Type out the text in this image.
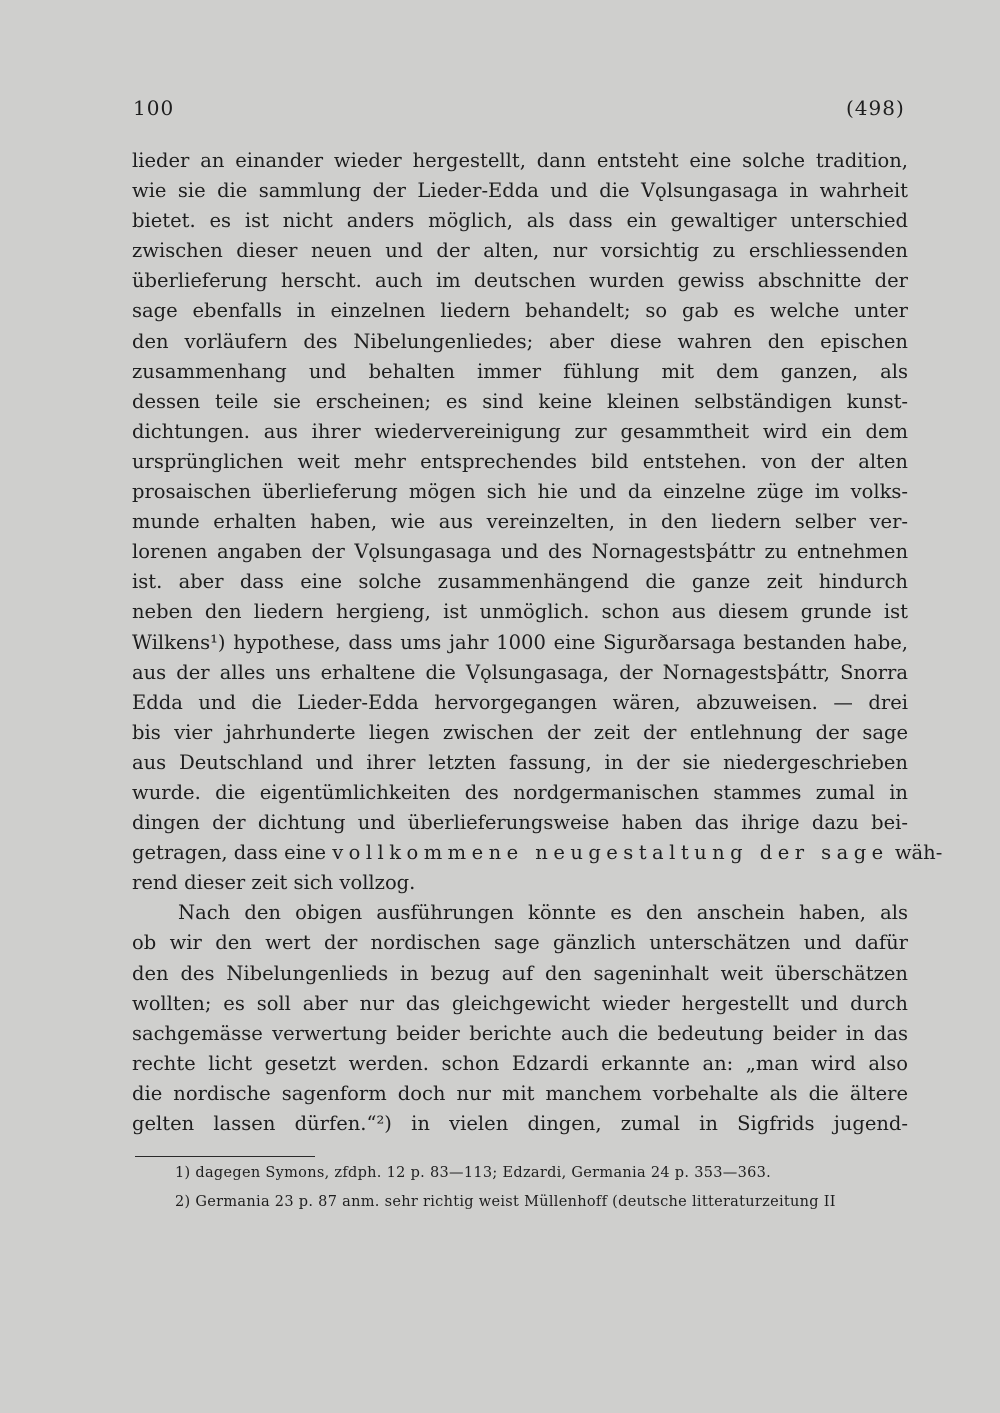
100	(498)
lieder an einander wieder hergestellt, dann entsteht eine solche tradition,
wie sie die sammlung der Lieder-Edda und die Vǫlsungasaga in wahrheit
bietet. es ist nicht anders möglich, als dass ein gewaltiger unterschied
zwischen dieser neuen und der alten, nur vorsichtig zu erschliessenden
überlieferung herscht. auch im deutschen wurden gewiss abschnitte der
sage ebenfalls in einzelnen liedern behandelt; so gab es welche unter
den vorläufern des Nibelungenliedes; aber diese wahren den epischen
zusammenhang und behalten immer fühlung mit dem ganzen, als
dessen teile sie erscheinen; es sind keine kleinen selbständigen kunst-
dichtungen. aus ihrer wiedervereinigung zur gesammtheit wird ein dem
ursprünglichen weit mehr entsprechendes bild entstehen. von der alten
prosaischen überlieferung mögen sich hie und da einzelne züge im volks-
munde erhalten haben, wie aus vereinzelten, in den liedern selber ver-
lorenen angaben der Vǫlsungasaga und des Nornagestsþáttr zu entnehmen
ist. aber dass eine solche zusammenhängend die ganze zeit hindurch
neben den liedern hergieng, ist unmöglich. schon aus diesem grunde ist
Wilkens¹) hypothese, dass ums jahr 1000 eine Sigurðarsaga bestanden habe,
aus der alles uns erhaltene die Vǫlsungasaga, der Nornagestsþáttr, Snorra
Edda und die Lieder-Edda hervorgegangen wären, abzuweisen. — drei
bis vier jahrhunderte liegen zwischen der zeit der entlehnung der sage
aus Deutschland und ihrer letzten fassung, in der sie niedergeschrieben
wurde. die eigentümlichkeiten des nordgermanischen stammes zumal in
dingen der dichtung und überlieferungsweise haben das ihrige dazu bei-
getragen, dass eine vollkommene neugestaltung der sage wäh-
rend dieser zeit sich vollzog.
Nach den obigen ausführungen könnte es den anschein haben, als
ob wir den wert der nordischen sage gänzlich unterschätzen und dafür
den des Nibelungenlieds in bezug auf den sageninhalt weit überschätzen
wollten; es soll aber nur das gleichgewicht wieder hergestellt und durch
sachgemässe verwertung beider berichte auch die bedeutung beider in das
rechte licht gesetzt werden. schon Edzardi erkannte an: „man wird also
die nordische sagenform doch nur mit manchem vorbehalte als die ältere
gelten lassen dürfen.“²) in vielen dingen, zumal in Sigfrids jugend-
1) dagegen Symons, zfdph. 12 p. 83—113; Edzardi, Germania 24 p. 353—363.
2) Germania 23 p. 87 anm. sehr richtig weist Müllenhoff (deutsche litteraturzeitung II
